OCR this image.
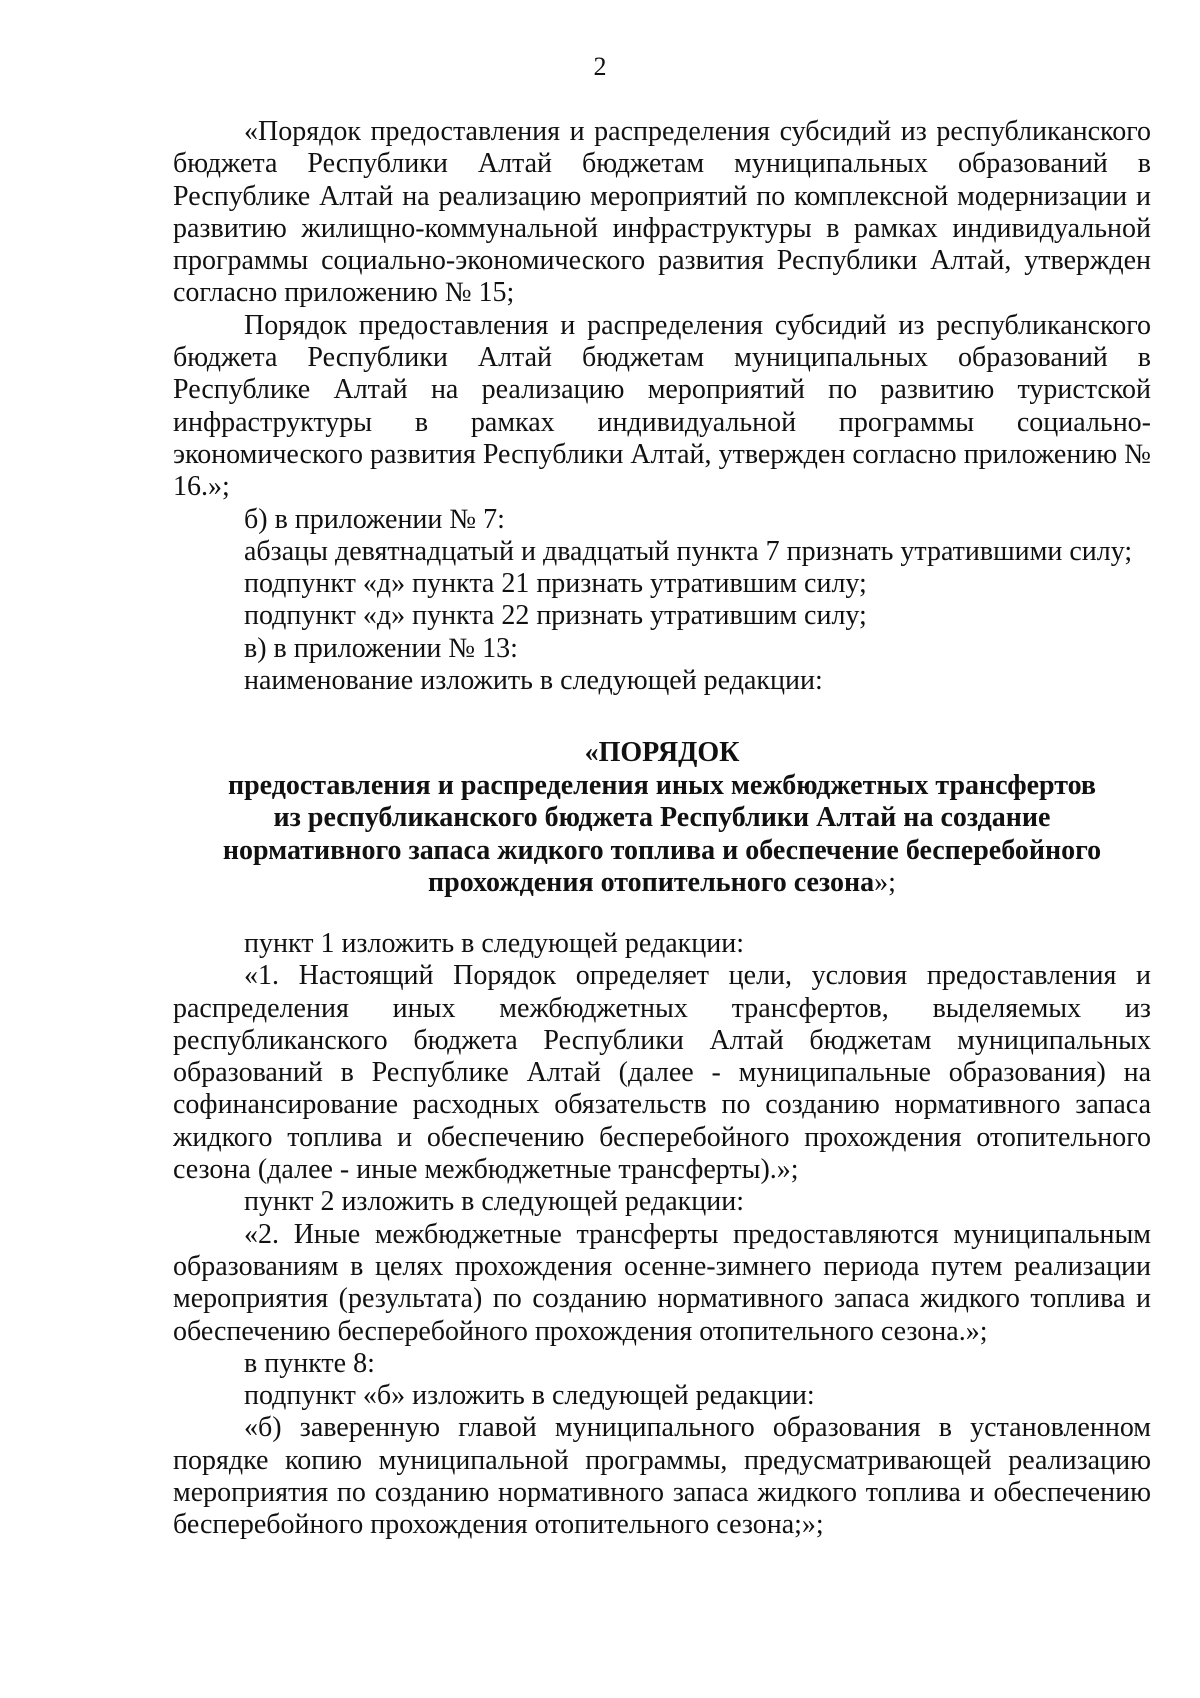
2

«Порядок предоставления и распределения субсидий из республиканского бюджета Республики Алтай бюджетам муниципальных образований в Республике Алтай на реализацию мероприятий по комплексной модернизации и развитию жилищно-коммунальной инфраструктуры в рамках индивидуальной программы социально-экономического развития Республики Алтай, утвержден согласно приложению № 15;

Порядок предоставления и распределения субсидий из республиканского бюджета Республики Алтай бюджетам муниципальных образований в Республике Алтай на реализацию мероприятий по развитию туристской инфраструктуры в рамках индивидуальной программы социально-экономического развития Республики Алтай, утвержден согласно приложению № 16.»;

б) в приложении № 7:

абзацы девятнадцатый и двадцатый пункта 7 признать утратившими силу;

подпункт «д» пункта 21 признать утратившим силу;

подпункт «д» пункта 22 признать утратившим силу;

в) в приложении № 13:

наименование изложить в следующей редакции:

«ПОРЯДОК
предоставления и распределения иных межбюджетных трансфертов
из республиканского бюджета Республики Алтай на создание
нормативного запаса жидкого топлива и обеспечение бесперебойного
прохождения отопительного сезона»;

пункт 1 изложить в следующей редакции:

«1. Настоящий Порядок определяет цели, условия предоставления и распределения иных межбюджетных трансфертов, выделяемых из республиканского бюджета Республики Алтай бюджетам муниципальных образований в Республике Алтай (далее - муниципальные образования) на софинансирование расходных обязательств по созданию нормативного запаса жидкого топлива и обеспечению бесперебойного прохождения отопительного сезона (далее - иные межбюджетные трансферты).»;

пункт 2 изложить в следующей редакции:

«2. Иные межбюджетные трансферты предоставляются муниципальным образованиям в целях прохождения осенне-зимнего периода путем реализации мероприятия (результата) по созданию нормативного запаса жидкого топлива и обеспечению бесперебойного прохождения отопительного сезона.»;

в пункте 8:

подпункт «б» изложить в следующей редакции:

«б) заверенную главой муниципального образования в установленном порядке копию муниципальной программы, предусматривающей реализацию мероприятия по созданию нормативного запаса жидкого топлива и обеспечению бесперебойного прохождения отопительного сезона;»;
